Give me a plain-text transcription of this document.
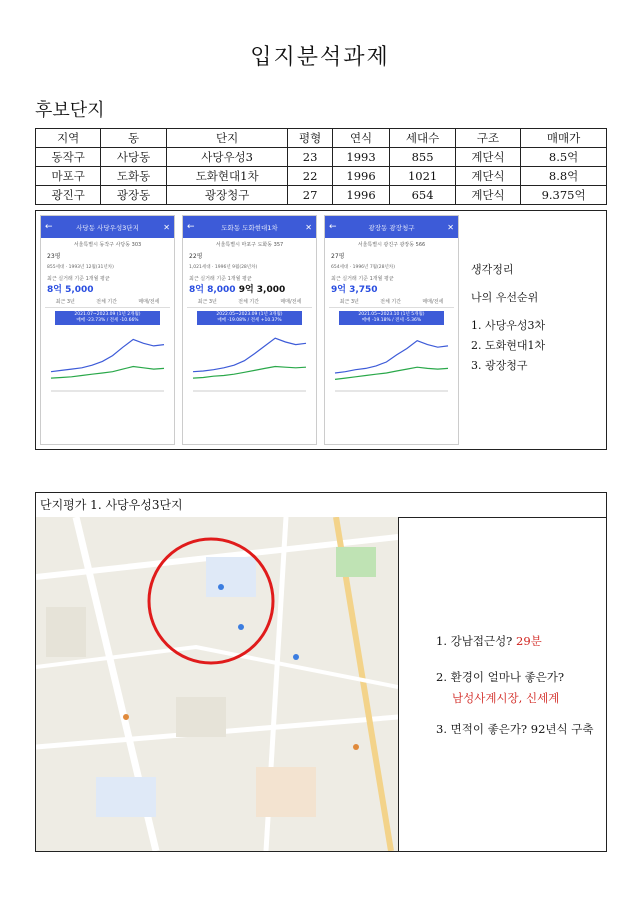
입지분석과제
후보단지
지역	동	단지	평형	연식	세대수	구조	매매가
동작구	사당동	사당우성3	23	1993	855	계단식	8.5억
마포구	도화동	도화현대1차	22	1996	1021	계단식	8.8억
광진구	광장동	광장청구	27	1996	654	계단식	9.375억
←	사당동 사당우성3단지	✕
서울특별시 동작구 사당동 303
23평
855세대 · 1993년 12월(31년차)
최근 실거래 기준 1개월 평균
8억 5,000
최근 3년	전체 기간	매매/전세
2021.07~2023.09 (1년 2개월)
매매 -23.73% / 전세 -10.66%
←	도화동 도화현대1차	✕
서울특별시 마포구 도화동 357
22평
1,021세대 · 1996년 9월(28년차)
최근 실거래 기준 1개월 평균
8억 8,000 9억 3,000
최근 3년	전체 기간	매매/전세
2022.05~2023.09 (1년 3개월)
매매 -19.08% / 전세 +10.37%
←	광장동 광장청구	✕
서울특별시 광진구 광장동 566
27평
654세대 · 1996년 7월(28년차)
최근 실거래 기준 1개월 평균
9억 3,750
최근 3년	전체 기간	매매/전세
2021.05~2023.10 (1년 5개월)
매매 -19.18% / 전세 -5.36%
생각정리
나의 우선순위
1. 사당우성3차
2. 도화현대1차
3. 광장청구
단지평가 1. 사당우성3단지
1. 강남접근성? 29분
2. 환경이 얼마나 좋은가?
남성사계시장, 신세계
3. 면적이 좋은가? 92년식 구축
